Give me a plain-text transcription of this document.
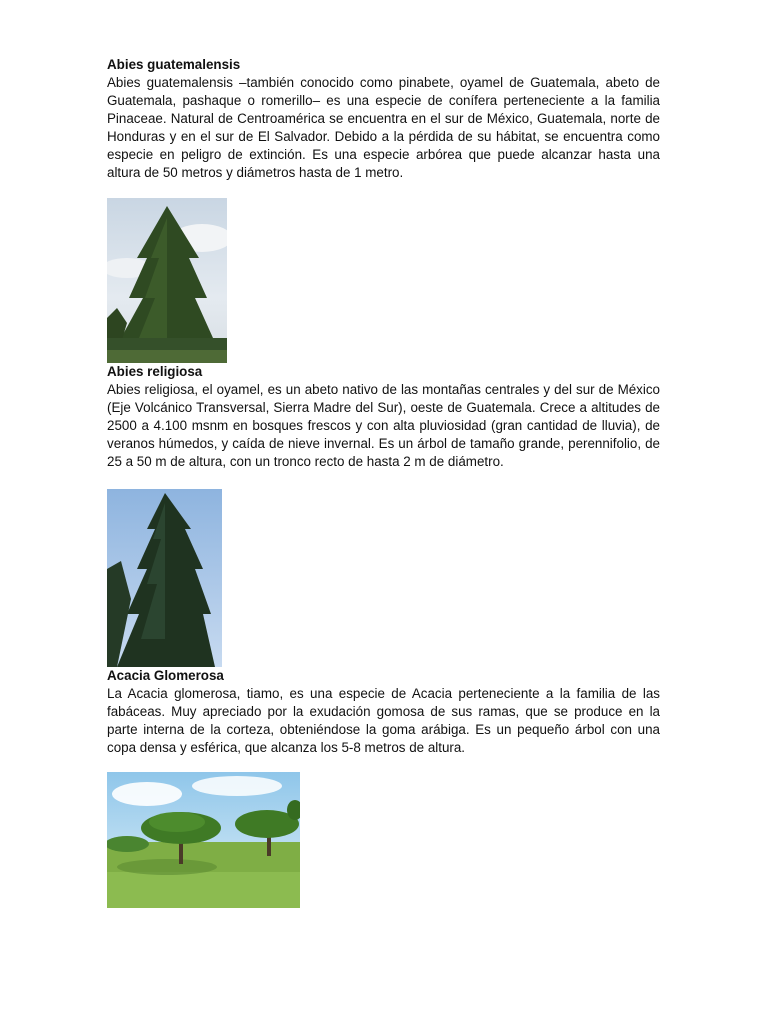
Abies guatemalensis

Abies guatemalensis –también conocido como pinabete, oyamel de Guatemala, abeto de Guatemala, pashaque o romerillo– es una especie de conífera perteneciente a la familia Pinaceae. Natural de Centroamérica se encuentra en el sur de México, Guatemala, norte de Honduras y en el sur de El Salvador. Debido a la pérdida de su hábitat, se encuentra como especie en peligro de extinción. Es una especie arbórea que puede alcanzar hasta una altura de 50 metros y diámetros hasta de 1 metro.

Abies religiosa

Abies religiosa, el oyamel, es un abeto nativo de las montañas centrales y del sur de México (Eje Volcánico Transversal, Sierra Madre del Sur), oeste de Guatemala. Crece a altitudes de 2500 a 4.100 msnm en bosques frescos y con alta pluviosidad (gran cantidad de lluvia), de veranos húmedos, y caída de nieve invernal. Es un árbol de tamaño grande, perennifolio, de 25 a 50 m de altura, con un tronco recto de hasta 2 m de diámetro.

Acacia Glomerosa

La Acacia glomerosa, tiamo, es una especie de Acacia perteneciente a la familia de las fabáceas. Muy apreciado por la exudación gomosa de sus ramas, que se produce en la parte interna de la corteza, obteniéndose la goma arábiga. Es un pequeño árbol con una copa densa y esférica, que alcanza los 5-8 metros de altura.
